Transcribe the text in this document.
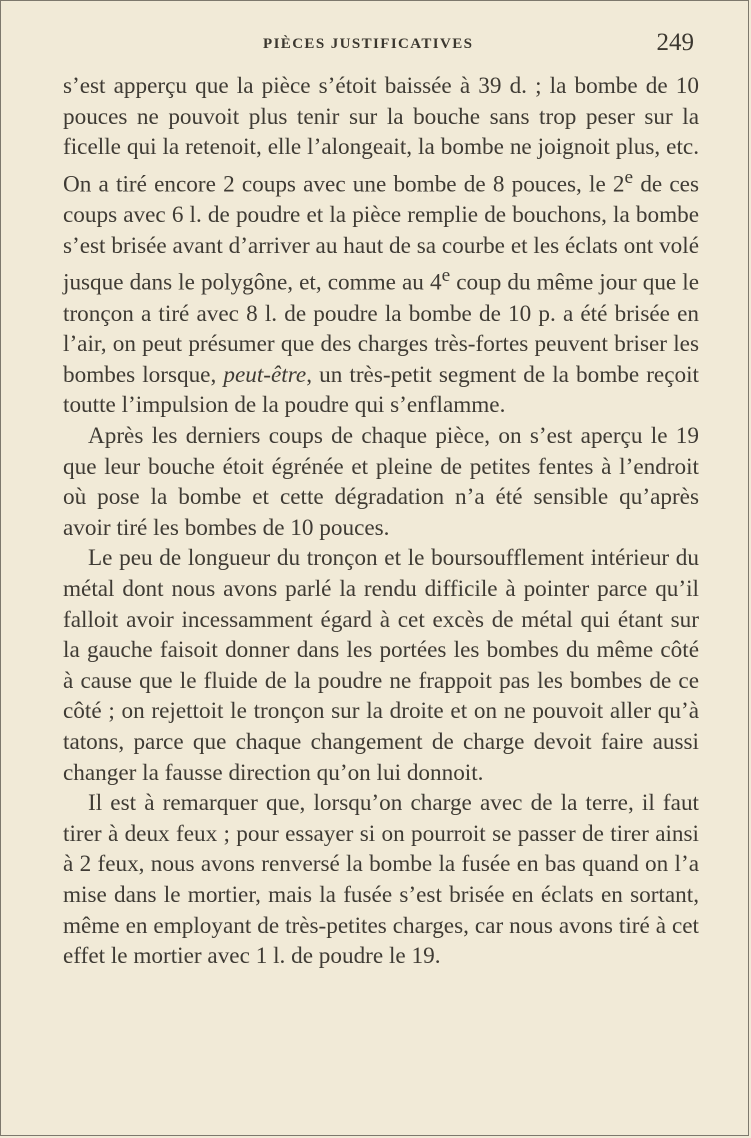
PIÈCES JUSTIFICATIVES	249

s’est apperçu que la pièce s’étoit baissée à 39 d. ; la bombe de 10 pouces ne pouvoit plus tenir sur la bouche sans trop peser sur la ficelle qui la retenoit, elle l’alongeait, la bombe ne joignoit plus, etc. On a tiré encore 2 coups avec une bombe de 8 pouces, le 2e de ces coups avec 6 l. de poudre et la pièce remplie de bouchons, la bombe s’est brisée avant d’arriver au haut de sa courbe et les éclats ont volé jusque dans le polygône, et, comme au 4e coup du même jour que le tronçon a tiré avec 8 l. de poudre la bombe de 10 p. a été brisée en l’air, on peut présumer que des charges très-fortes peuvent briser les bombes lorsque, peut-être, un très-petit segment de la bombe reçoit toutte l’impulsion de la poudre qui s’enflamme.

Après les derniers coups de chaque pièce, on s’est aperçu le 19 que leur bouche étoit égrénée et pleine de petites fentes à l’endroit où pose la bombe et cette dégradation n’a été sensible qu’après avoir tiré les bombes de 10 pouces.

Le peu de longueur du tronçon et le boursoufflement intérieur du métal dont nous avons parlé la rendu difficile à pointer parce qu’il falloit avoir incessamment égard à cet excès de métal qui étant sur la gauche faisoit donner dans les portées les bombes du même côté à cause que le fluide de la poudre ne frappoit pas les bombes de ce côté ; on rejettoit le tronçon sur la droite et on ne pouvoit aller qu’à tatons, parce que chaque changement de charge devoit faire aussi changer la fausse direction qu’on lui donnoit.

Il est à remarquer que, lorsqu’on charge avec de la terre, il faut tirer à deux feux ; pour essayer si on pourroit se passer de tirer ainsi à 2 feux, nous avons renversé la bombe la fusée en bas quand on l’a mise dans le mortier, mais la fusée s’est brisée en éclats en sortant, même en employant de très-petites charges, car nous avons tiré à cet effet le mortier avec 1 l. de poudre le 19.
